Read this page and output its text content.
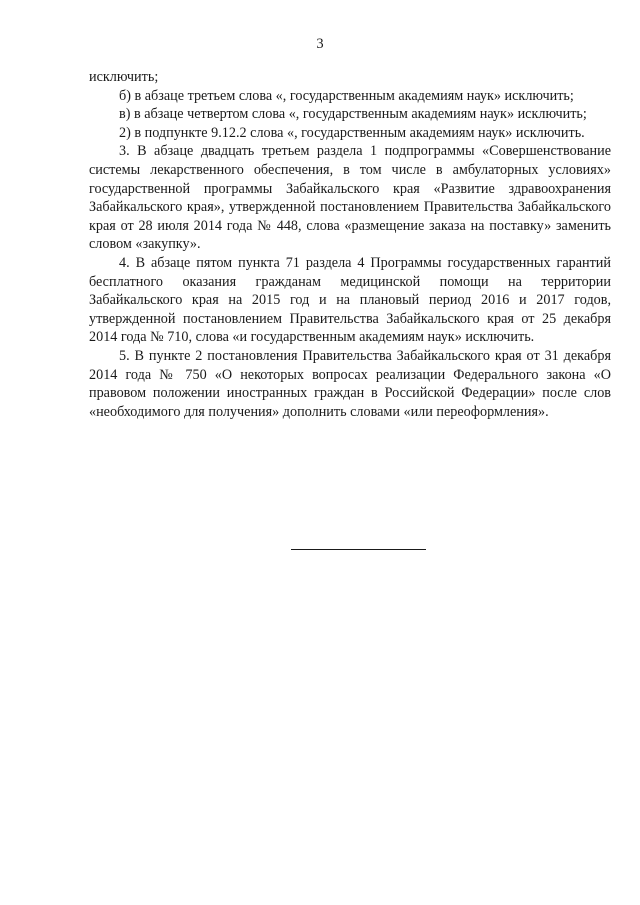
3

исключить;

б) в абзаце третьем слова «, государственным академиям наук» исключить;

в) в абзаце четвертом слова «, государственным академиям наук» исключить;

2) в подпункте 9.12.2 слова «, государственным академиям наук» исключить.

3. В абзаце двадцать третьем раздела 1 подпрограммы «Совершенствование системы лекарственного обеспечения, в том числе в амбулаторных условиях» государственной программы Забайкальского края «Развитие здравоохранения Забайкальского края», утвержденной постановлением Правительства Забайкальского края от 28 июля 2014 года № 448, слова «размещение заказа на поставку» заменить словом «закупку».

4. В абзаце пятом пункта 71 раздела 4 Программы государственных гарантий бесплатного оказания гражданам медицинской помощи на территории Забайкальского края на 2015 год и на плановый период 2016 и 2017 годов, утвержденной постановлением Правительства Забайкальского края от 25 декабря 2014 года № 710, слова «и государственным академиям наук» исключить.

5. В пункте 2 постановления Правительства Забайкальского края от 31 декабря 2014 года № 750 «О некоторых вопросах реализации Федерального закона «О правовом положении иностранных граждан в Российской Федерации» после слов «необходимого для получения» дополнить словами «или переоформления».
